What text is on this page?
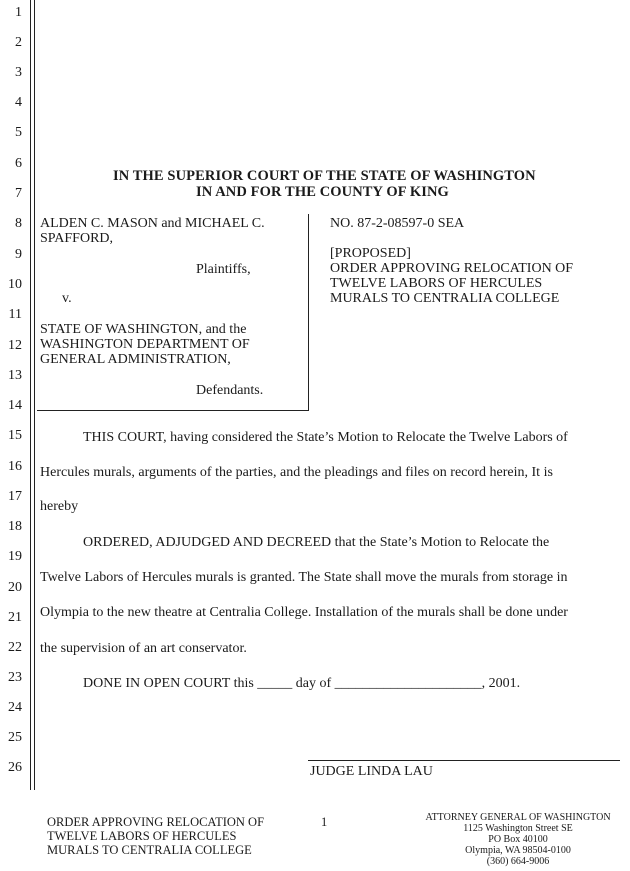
1
2
3
4
5
6
7
8
9
10
11
12
13
14
15
16
17
18
19
20
21
22
23
24
25
26
IN THE SUPERIOR COURT OF THE STATE OF WASHINGTON
IN AND FOR THE COUNTY OF KING
ALDEN C. MASON and MICHAEL C.
SPAFFORD,
Plaintiffs,
v.
STATE OF WASHINGTON, and the
WASHINGTON DEPARTMENT OF
GENERAL ADMINISTRATION,
Defendants.
NO. 87-2-08597-0 SEA
[PROPOSED]
ORDER APPROVING RELOCATION OF
TWELVE LABORS OF HERCULES
MURALS TO CENTRALIA COLLEGE
THIS COURT, having considered the State’s Motion to Relocate the Twelve Labors of
Hercules murals, arguments of the parties, and the pleadings and files on record herein, It is
hereby
ORDERED, ADJUDGED AND DECREED that the State’s Motion to Relocate the
Twelve Labors of Hercules murals is granted. The State shall move the murals from storage in
Olympia to the new theatre at Centralia College. Installation of the murals shall be done under
the supervision of an art conservator.
DONE IN OPEN COURT this _____ day of _____________________, 2001.
JUDGE LINDA LAU
ORDER APPROVING RELOCATION OF
TWELVE LABORS OF HERCULES
MURALS TO CENTRALIA COLLEGE
1	ATTORNEY GENERAL OF WASHINGTON
1125 Washington Street SE
PO Box 40100
Olympia, WA 98504-0100
(360) 664-9006
